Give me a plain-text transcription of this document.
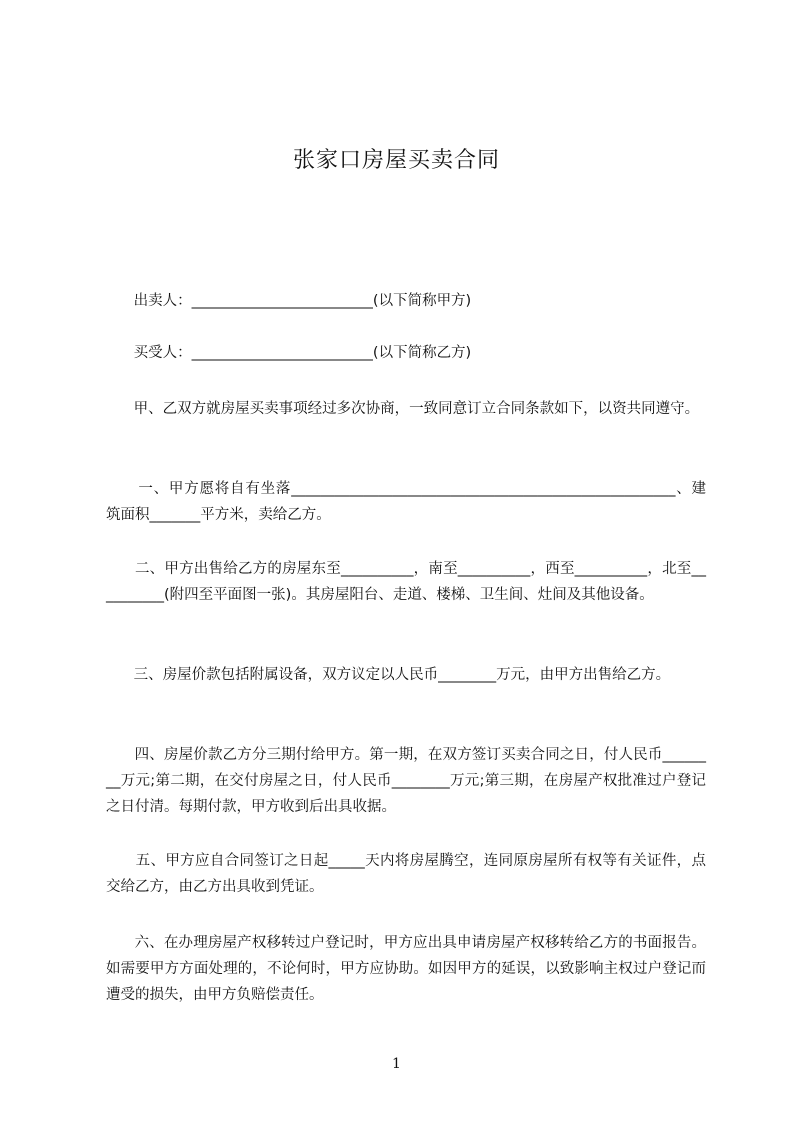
张家口房屋买卖合同
出卖人：_________________________(以下简称甲方)
买受人：_________________________(以下简称乙方)
甲、乙双方就房屋买卖事项经过多次协商，一致同意订立合同条款如下，以资共同遵守。
一、甲方愿将自有坐落_____________________________________________________、建筑面积_______平方米，卖给乙方。
二、甲方出售给乙方的房屋东至__________，南至__________，西至__________，北至__________(附四至平面图一张)。其房屋阳台、走道、楼梯、卫生间、灶间及其他设备。
三、房屋价款包括附属设备，双方议定以人民币________万元，由甲方出售给乙方。
四、房屋价款乙方分三期付给甲方。第一期，在双方签订买卖合同之日，付人民币________万元;第二期，在交付房屋之日，付人民币________万元;第三期，在房屋产权批准过户登记之日付清。每期付款，甲方收到后出具收据。
五、甲方应自合同签订之日起_____天内将房屋腾空，连同原房屋所有权等有关证件，点交给乙方，由乙方出具收到凭证。
六、在办理房屋产权移转过户登记时，甲方应出具申请房屋产权移转给乙方的书面报告。如需要甲方方面处理的，不论何时，甲方应协助。如因甲方的延误，以致影响主权过户登记而遭受的损失，由甲方负赔偿责任。
1
